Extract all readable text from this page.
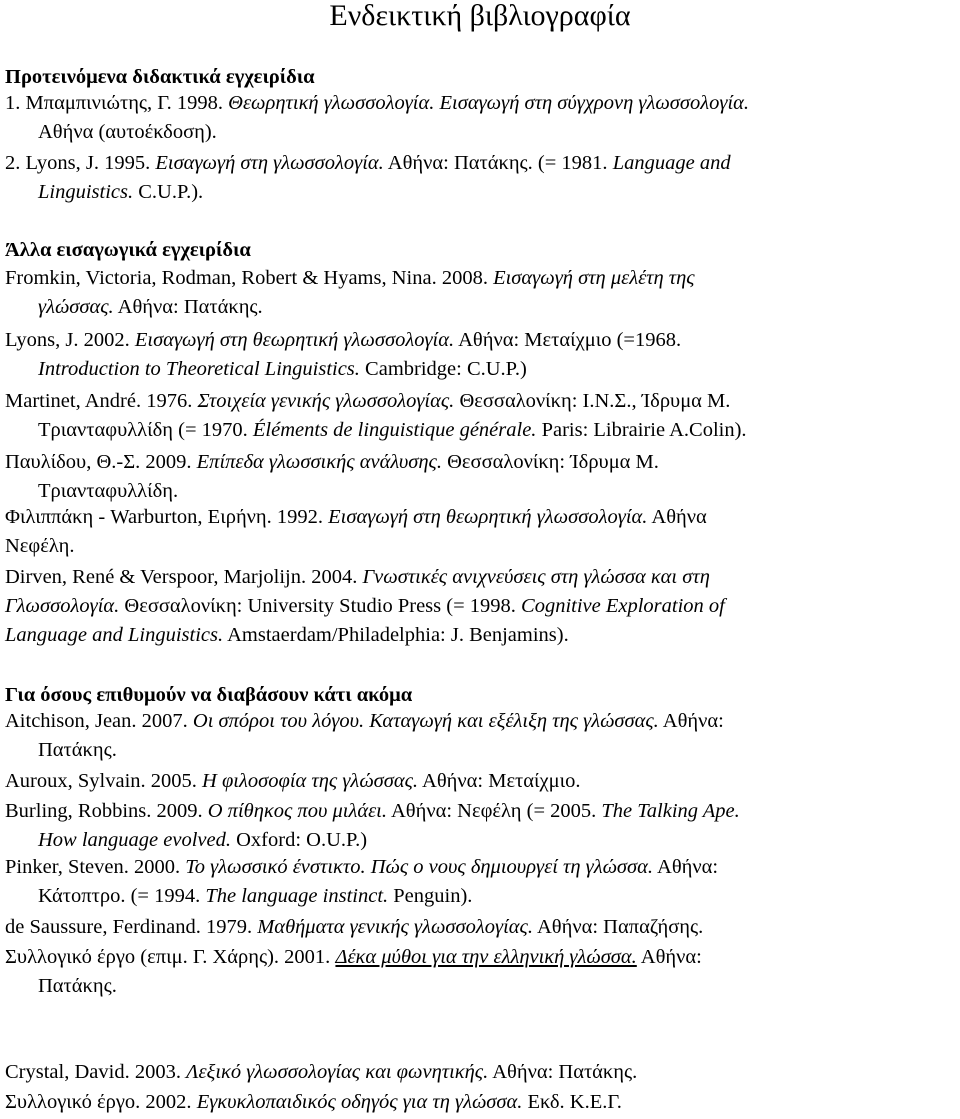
Ενδεικτική βιβλιογραφία
Προτεινόμενα διδακτικά εγχειρίδια
1. Μπαμπινιώτης, Γ. 1998. Θεωρητική γλωσσολογία. Εισαγωγή στη σύγχρονη γλωσσολογία.
Αθήνα (αυτοέκδοση).
2. Lyons, J. 1995. Εισαγωγή στη γλωσσολογία. Αθήνα: Πατάκης. (= 1981. Language and
Linguistics. C.U.P.).
Άλλα εισαγωγικά εγχειρίδια
Fromkin, Victoria, Rodman, Robert & Hyams, Nina. 2008. Εισαγωγή στη μελέτη της
γλώσσας. Αθήνα: Πατάκης.
Lyons, J. 2002. Εισαγωγή στη θεωρητική γλωσσολογία. Αθήνα: Μεταίχμιο (=1968.
Introduction to Theoretical Linguistics. Cambridge: C.U.P.)
Martinet, André. 1976. Στοιχεία γενικής γλωσσολογίας. Θεσσαλονίκη: Ι.Ν.Σ., Ίδρυμα Μ.
Τριανταφυλλίδη (= 1970. Éléments de linguistique générale. Paris: Librairie A.Colin).
Παυλίδου, Θ.-Σ. 2009. Επίπεδα γλωσσικής ανάλυσης. Θεσσαλονίκη: Ίδρυμα Μ.
Τριανταφυλλίδη.
Φιλιππάκη - Warburton, Ειρήνη. 1992. Εισαγωγή στη θεωρητική γλωσσολογία. Αθήνα
Νεφέλη.
Dirven, René & Verspoor, Marjolijn. 2004. Γνωστικές ανιχνεύσεις στη γλώσσα και στη
Γλωσσολογία. Θεσσαλονίκη: University Studio Press (= 1998. Cognitive Exploration of
Language and Linguistics. Amstaerdam/Philadelphia: J. Benjamins).
Για όσους επιθυμούν να διαβάσουν κάτι ακόμα
Aitchison, Jean. 2007. Οι σπόροι του λόγου. Καταγωγή και εξέλιξη της γλώσσας. Αθήνα:
Πατάκης.
Auroux, Sylvain. 2005. Η φιλοσοφία της γλώσσας. Αθήνα: Μεταίχμιο.
Burling, Robbins. 2009. Ο πίθηκος που μιλάει. Αθήνα: Νεφέλη (= 2005. The Talking Ape.
How language evolved. Oxford: O.U.P.)
Pinker, Steven. 2000. Το γλωσσικό ένστικτο. Πώς ο νους δημιουργεί τη γλώσσα. Αθήνα:
Κάτοπτρο. (= 1994. The language instinct. Penguin).
de Saussure, Ferdinand. 1979. Μαθήματα γενικής γλωσσολογίας. Αθήνα: Παπαζήσης.
Συλλογικό έργο (επιμ. Γ. Χάρης). 2001. Δέκα μύθοι για την ελληνική γλώσσα. Αθήνα:
Πατάκης.
Crystal, David. 2003. Λεξικό γλωσσολογίας και φωνητικής. Αθήνα: Πατάκης.
Συλλογικό έργο. 2002. Εγκυκλοπαιδικός οδηγός για τη γλώσσα. Εκδ. Κ.Ε.Γ.
